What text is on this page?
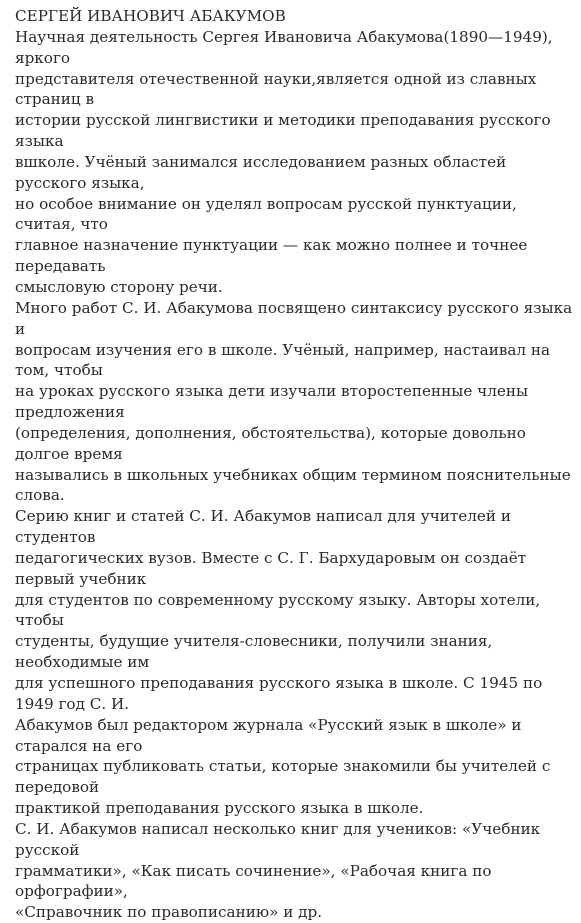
СЕРГЕЙ ИВАНОВИЧ АБАКУМОВ

Научная деятельность Сергея Ивановича Абакумова(1890—1949), яркого
представителя отечественной науки,является одной из славных страниц в
истории русской лингвистики и методики преподавания русского языка
вшколе. Учёный занимался исследованием разных областей русского языка,
но особое внимание он уделял вопросам русской пунктуации, считая, что
главное назначение пунктуации — как можно полнее и точнее передавать
смысловую сторону речи.

Много работ С. И. Абакумова посвящено синтаксису русского языка и
вопросам изучения его в школе. Учёный, например, настаивал на том, чтобы
на уроках русского языка дети изучали второстепенные члены предложения
(определения, дополнения, обстоятельства), которые довольно долгое время
назывались в школьных учебниках общим термином пояснительные слова.

Серию книг и статей С. И. Абакумов написал для учителей и студентов
педагогических вузов. Вместе с С. Г. Бархударовым он создаёт первый учебник
для студентов по современному русскому языку. Авторы хотели, чтобы
студенты, будущие учителя-словесники, получили знания, необходимые им
для успешного преподавания русского языка в школе. С 1945 по 1949 год С. И.
Абакумов был редактором журнала «Русский язык в школе» и старался на его
страницах публиковать статьи, которые знакомили бы учителей с передовой
практикой преподавания русского языка в школе.

С. И. Абакумов написал несколько книг для учеников: «Учебник русской
грамматики», «Как писать сочинение», «Рабочая книга по орфографии»,
«Справочник по правописанию» и др.
